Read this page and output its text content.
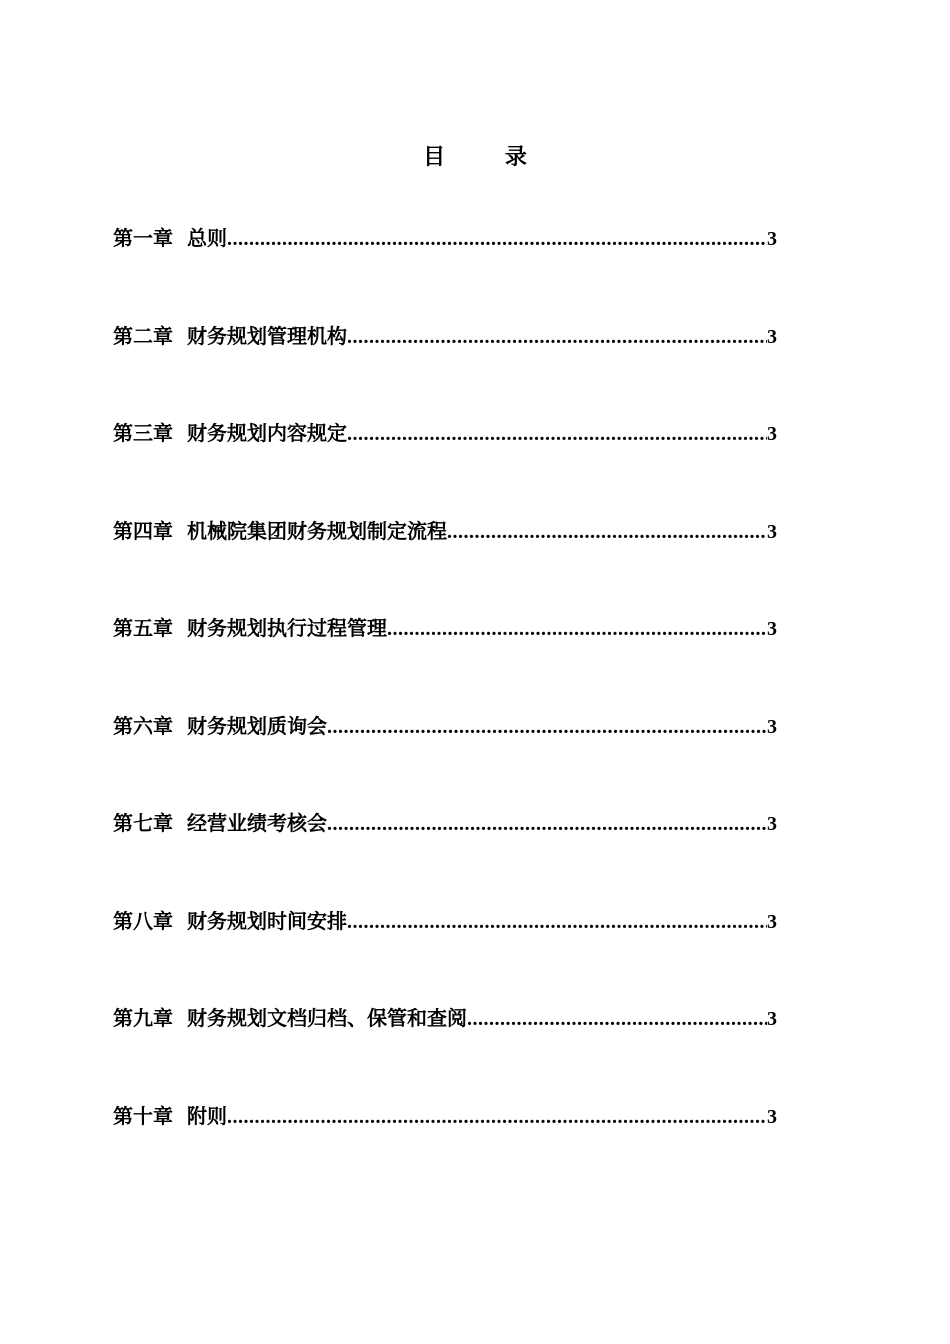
目 录
第一章 总则 .....	3
第二章 财务规划管理机构 .....	3
第三章 财务规划内容规定 .....	3
第四章 机械院集团财务规划制定流程 .....	3
第五章 财务规划执行过程管理 .....	3
第六章 财务规划质询会 .....	3
第七章 经营业绩考核会 .....	3
第八章 财务规划时间安排 .....	3
第九章 财务规划文档归档、保管和查阅 .....	3
第十章 附则 .....	3
